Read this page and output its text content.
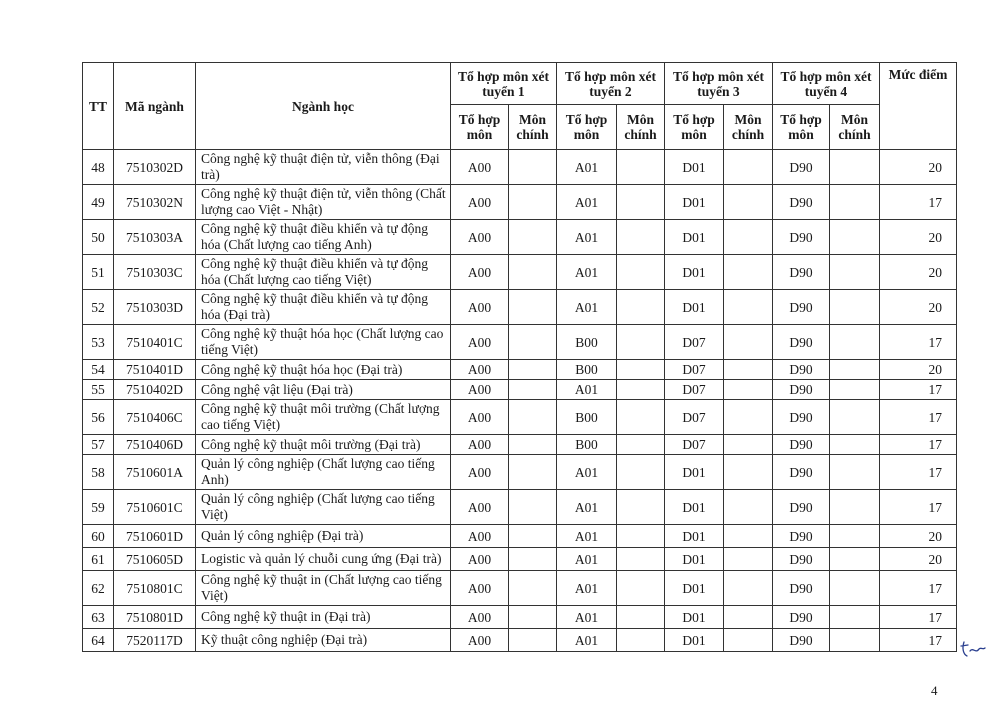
TT	Mã ngành	Ngành học	Tổ hợp môn xét tuyển 1		Tổ hợp môn xét tuyển 2		Tổ hợp môn xét tuyển 3		Tổ hợp môn xét tuyển 4		Mức điểm
			Tổ hợp môn	Môn chính	Tổ hợp môn	Môn chính	Tổ hợp môn	Môn chính	Tổ hợp môn	Môn chính	
48	7510302D	Công nghệ kỹ thuật điện tử, viễn thông (Đại trà)	A00		A01		D01		D90		20
49	7510302N	Công nghệ kỹ thuật điện tử, viễn thông (Chất lượng cao Việt - Nhật)	A00		A01		D01		D90		17
50	7510303A	Công nghệ kỹ thuật điều khiển và tự động hóa (Chất lượng cao tiếng Anh)	A00		A01		D01		D90		20
51	7510303C	Công nghệ kỹ thuật điều khiển và tự động hóa (Chất lượng cao tiếng Việt)	A00		A01		D01		D90		20
52	7510303D	Công nghệ kỹ thuật điều khiển và tự động hóa (Đại trà)	A00		A01		D01		D90		20
53	7510401C	Công nghệ kỹ thuật hóa học (Chất lượng cao tiếng Việt)	A00		B00		D07		D90		17
54	7510401D	Công nghệ kỹ thuật hóa học (Đại trà)	A00		B00		D07		D90		20
55	7510402D	Công nghệ vật liệu (Đại trà)	A00		A01		D07		D90		17
56	7510406C	Công nghệ kỹ thuật môi trường (Chất lượng cao tiếng Việt)	A00		B00		D07		D90		17
57	7510406D	Công nghệ kỹ thuật môi trường (Đại trà)	A00		B00		D07		D90		17
58	7510601A	Quản lý công nghiệp (Chất lượng cao tiếng Anh)	A00		A01		D01		D90		17
59	7510601C	Quản lý công nghiệp (Chất lượng cao tiếng Việt)	A00		A01		D01		D90		17
60	7510601D	Quản lý công nghiệp (Đại trà)	A00		A01		D01		D90		20
61	7510605D	Logistic và quản lý chuỗi cung ứng (Đại trà)	A00		A01		D01		D90		20
62	7510801C	Công nghệ kỹ thuật in (Chất lượng cao tiếng Việt)	A00		A01		D01		D90		17
63	7510801D	Công nghệ kỹ thuật in (Đại trà)	A00		A01		D01		D90		17
64	7520117D	Kỹ thuật công nghiệp (Đại trà)	A00		A01		D01		D90		17
4
